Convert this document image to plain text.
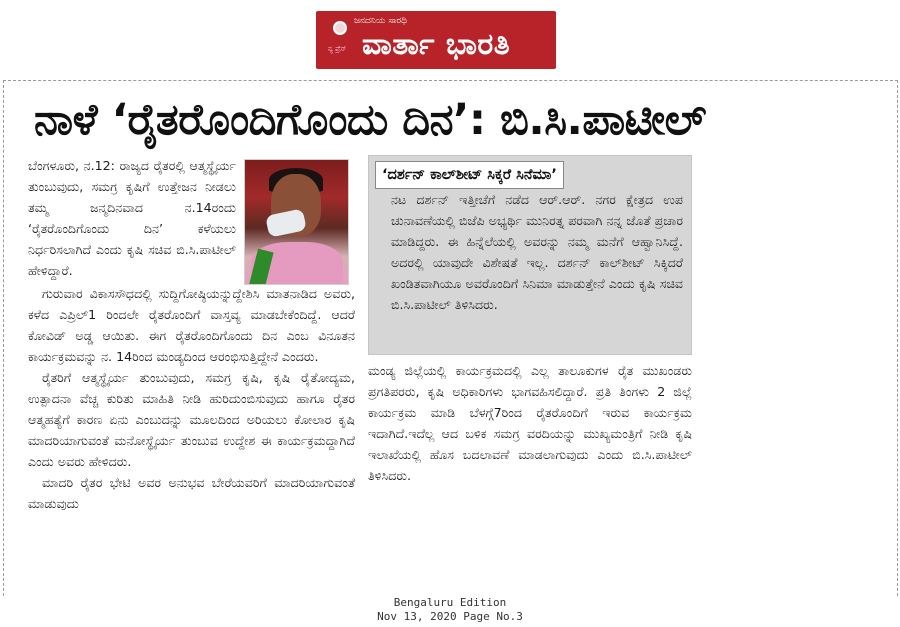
ಜನದನಿಯ ಸಾರಥಿ
ನ್ಯ ಪ್ರೆಸ್ ವಾರ್ತಾ ಭಾರತಿ
ನಾಳೆ ‘ರೈತರೊಂದಿಗೊಂದು ದಿನ’: ಬಿ.ಸಿ.ಪಾಟೀಲ್

ಬೆಂಗಳೂರು, ನ.12: ರಾಜ್ಯದ ರೈತರಲ್ಲಿ ಆತ್ಮಸ್ಥೈರ್ಯ ತುಂಬುವುದು, ಸಮಗ್ರ ಕೃಷಿಗೆ ಉತ್ತೇಜನ ನೀಡಲು ತಮ್ಮ ಜನ್ಮದಿನವಾದ ನ.14ರಂದು ‘ರೈತರೊಂದಿಗೊಂದು ದಿನ’ ಕಳೆಯಲು ನಿರ್ಧರಿಸಲಾಗಿದೆ ಎಂದು ಕೃಷಿ ಸಚಿವ ಬಿ.ಸಿ.ಪಾಟೀಲ್ ಹೇಳಿದ್ದಾರೆ.

ಗುರುವಾರ ವಿಕಾಸಸೌಧದಲ್ಲಿ ಸುದ್ದಿಗೋಷ್ಠಿಯನ್ನುದ್ದೇಶಿಸಿ ಮಾತನಾಡಿದ ಅವರು, ಕಳೆದ ಎಪ್ರಿಲ್1 ರಿಂದಲೇ ರೈತರೊಂದಿಗೆ ವಾಸ್ತವ್ಯ ಮಾಡಬೇಕೆಂದಿದ್ದೆ. ಆದರೆ ಕೋವಿಡ್ ಅಡ್ಡ ಆಯಿತು. ಈಗ ರೈತರೊಂದಿಗೊಂದು ದಿನ ಎಂಬ ವಿನೂತನ ಕಾರ್ಯಕ್ರಮವನ್ನು ನ. 14ರಿಂದ ಮಂಡ್ಯದಿಂದ ಆರಂಭಿಸುತ್ತಿದ್ದೇನೆ ಎಂದರು.

ರೈತರಿಗೆ ಆತ್ಮಸ್ಥೈರ್ಯ ತುಂಬುವುದು, ಸಮಗ್ರ ಕೃಷಿ, ಕೃಷಿ ರೈತೋದ್ಯಮ, ಉತ್ಪಾದನಾ ವೆಚ್ಚ ಕುರಿತು ಮಾಹಿತಿ ನೀಡಿ ಹುರಿದುಂಬಿಸುವುದು ಹಾಗೂ ರೈತರ ಆತ್ಮಹತ್ಯೆಗೆ ಕಾರಣ ಏನು ಎಂಬುದನ್ನು ಮೂಲದಿಂದ ಅರಿಯಲು ಕೋಲಾರ ಕೃಷಿ ಮಾದರಿಯಾಗುವಂತೆ ಮನೋಸ್ಥೈರ್ಯ ತುಂಬುವ ಉದ್ದೇಶ ಈ ಕಾರ್ಯಕ್ರಮದ್ದಾಗಿದೆ ಎಂದು ಅವರು ಹೇಳಿದರು.

ಮಾದರಿ ರೈತರ ಭೇಟಿ ಅವರ ಅನುಭವ ಬೇರೆಯವರಿಗೆ ಮಾದರಿಯಾಗುವಂತೆ ಮಾಡುವುದು

‘ದರ್ಶನ್ ಕಾಲ್‌ಶೀಟ್ ಸಿಕ್ಕರೆ ಸಿನೆಮಾ’

ನಟ ದರ್ಶನ್ ಇತ್ತೀಚೆಗೆ ನಡೆದ ಆರ್.ಆರ್. ನಗರ ಕ್ಷೇತ್ರದ ಉಪ ಚುನಾವಣೆಯಲ್ಲಿ ಬಿಜೆಪಿ ಅಭ್ಯರ್ಥಿ ಮುನಿರತ್ನ ಪರವಾಗಿ ನನ್ನ ಜೊತೆ ಪ್ರಚಾರ ಮಾಡಿದ್ದರು. ಈ ಹಿನ್ನೆಲೆಯಲ್ಲಿ ಅವರನ್ನು ನಮ್ಮ ಮನೆಗೆ ಆಹ್ವಾನಿಸಿದ್ದೆ. ಅದರಲ್ಲಿ ಯಾವುದೇ ವಿಶೇಷತೆ ಇಲ್ಲ. ದರ್ಶನ್ ಕಾಲ್‌ಶೀಟ್ ಸಿಕ್ಕಿದರೆ ಖಂಡಿತವಾಗಿಯೂ ಅವರೊಂದಿಗೆ ಸಿನಿಮಾ ಮಾಡುತ್ತೇನೆ ಎಂದು ಕೃಷಿ ಸಚಿವ ಬಿ.ಸಿ.ಪಾಟೀಲ್ ತಿಳಿಸಿದರು.

ಮಂಡ್ಯ ಜಿಲ್ಲೆಯಲ್ಲಿ ಕಾರ್ಯಕ್ರಮದಲ್ಲಿ ಎಲ್ಲ ತಾಲೂಕುಗಳ ರೈತ ಮುಖಂಡರು ಪ್ರಗತಿಪರರು, ಕೃಷಿ ಅಧಿಕಾರಿಗಳು ಭಾಗವಹಿಸಲಿದ್ದಾರೆ. ಪ್ರತಿ ತಿಂಗಳು 2 ಜಿಲ್ಲೆ ಕಾರ್ಯಕ್ರಮ ಮಾಡಿ ಬೆಳಗ್ಗೆ7ರಿಂದ ರೈತರೊಂದಿಗೆ ಇರುವ ಕಾರ್ಯಕ್ರಮ ಇದಾಗಿದೆ.ಇದೆಲ್ಲ ಆದ ಬಳಿಕ ಸಮಗ್ರ ವರದಿಯನ್ನು ಮುಖ್ಯಮಂತ್ರಿಗೆ ನೀಡಿ ಕೃಷಿ ಇಲಾಖೆಯಲ್ಲಿ ಹೊಸ ಬದಲಾವಣೆ ಮಾಡಲಾಗುವುದು ಎಂದು ಬಿ.ಸಿ.ಪಾಟೀಲ್ ತಿಳಿಸಿದರು.

Bengaluru Edition
Nov 13, 2020 Page No.3
